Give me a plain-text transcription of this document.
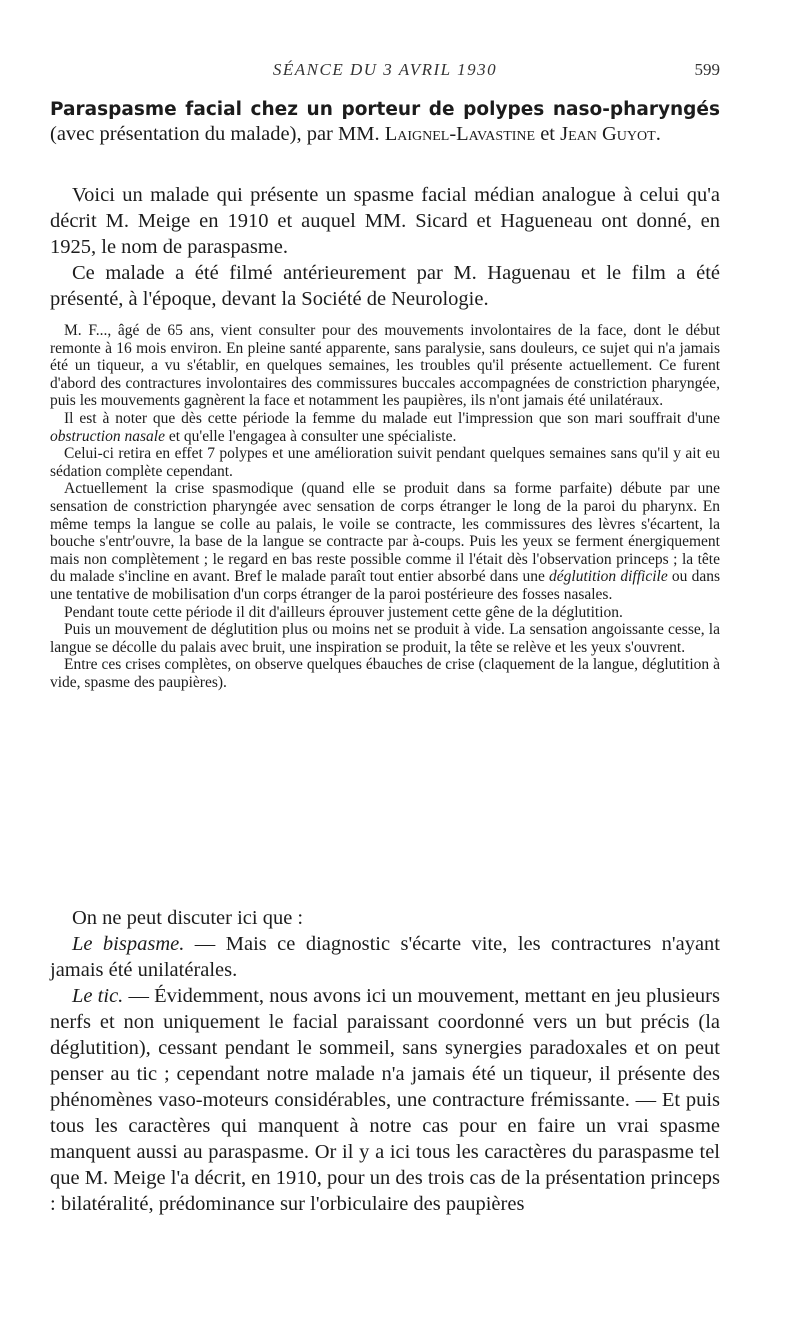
SÉANCE DU 3 AVRIL 1930	599
Paraspasme facial chez un porteur de polypes naso-pharyngés (avec présentation du malade), par MM. Laignel-Lavastine et Jean Guyot.

Voici un malade qui présente un spasme facial médian analogue à celui qu'a décrit M. Meige en 1910 et auquel MM. Sicard et Hagueneau ont donné, en 1925, le nom de paraspasme.

Ce malade a été filmé antérieurement par M. Haguenau et le film a été présenté, à l'époque, devant la Société de Neurologie.

M. F..., âgé de 65 ans, vient consulter pour des mouvements involontaires de la face, dont le début remonte à 16 mois environ. En pleine santé apparente, sans paralysie, sans douleurs, ce sujet qui n'a jamais été un tiqueur, a vu s'établir, en quelques semaines, les troubles qu'il présente actuellement. Ce furent d'abord des contractures involontaires des commissures buccales accompagnées de constriction pharyngée, puis les mouvements gagnèrent la face et notamment les paupières, ils n'ont jamais été unilatéraux.

Il est à noter que dès cette période la femme du malade eut l'impression que son mari souffrait d'une obstruction nasale et qu'elle l'engagea à consulter une spécialiste.

Celui-ci retira en effet 7 polypes et une amélioration suivit pendant quelques semaines sans qu'il y ait eu sédation complète cependant.

Actuellement la crise spasmodique (quand elle se produit dans sa forme parfaite) débute par une sensation de constriction pharyngée avec sensation de corps étranger le long de la paroi du pharynx. En même temps la langue se colle au palais, le voile se contracte, les commissures des lèvres s'écartent, la bouche s'entr'ouvre, la base de la langue se contracte par à-coups. Puis les yeux se ferment énergiquement mais non complètement ; le regard en bas reste possible comme il l'était dès l'observation princeps ; la tête du malade s'incline en avant. Bref le malade paraît tout entier absorbé dans une déglutition difficile ou dans une tentative de mobilisation d'un corps étranger de la paroi postérieure des fosses nasales.

Pendant toute cette période il dit d'ailleurs éprouver justement cette gêne de la déglutition.

Puis un mouvement de déglutition plus ou moins net se produit à vide. La sensation angoissante cesse, la langue se décolle du palais avec bruit, une inspiration se produit, la tête se relève et les yeux s'ouvrent.

Entre ces crises complètes, on observe quelques ébauches de crise (claquement de la langue, déglutition à vide, spasme des paupières).

On ne peut discuter ici que :

Le bispasme. — Mais ce diagnostic s'écarte vite, les contractures n'ayant jamais été unilatérales.

Le tic. — Évidemment, nous avons ici un mouvement, mettant en jeu plusieurs nerfs et non uniquement le facial paraissant coordonné vers un but précis (la déglutition), cessant pendant le sommeil, sans synergies paradoxales et on peut penser au tic ; cependant notre malade n'a jamais été un tiqueur, il présente des phénomènes vaso-moteurs considérables, une contracture frémissante. — Et puis tous les caractères qui manquent à notre cas pour en faire un vrai spasme manquent aussi au paraspasme. Or il y a ici tous les caractères du paraspasme tel que M. Meige l'a décrit, en 1910, pour un des trois cas de la présentation princeps : bilatéralité, prédominance sur l'orbiculaire des paupières
